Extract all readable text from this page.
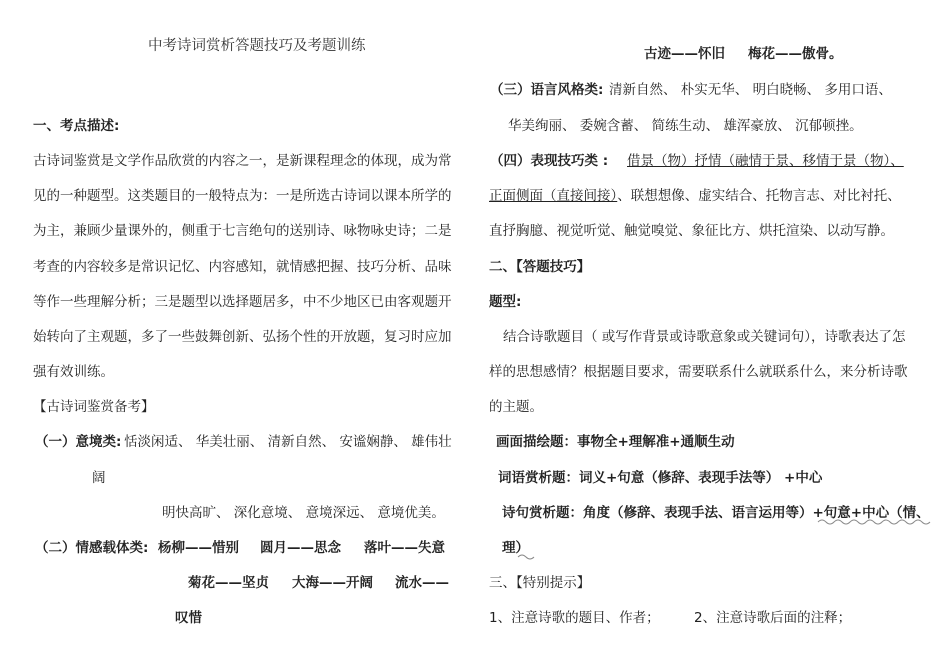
中考诗词赏析答题技巧及考题训练
一、考点描述:
古诗词鉴赏是文学作品欣赏的内容之一，是新课程理念的体现，成为常
见的一种题型。这类题目的一般特点为：一是所选古诗词以课本所学的
为主，兼顾少量课外的，侧重于七言绝句的送别诗、咏物咏史诗；二是
考查的内容较多是常识记忆、内容感知，就情感把握、技巧分析、品味
等作一些理解分析；三是题型以选择题居多，中不少地区已由客观题开
始转向了主观题，多了一些鼓舞创新、弘扬个性的开放题，复习时应加
强有效训练。
【古诗词鉴赏备考】
（一）意境类: 恬淡闲适、 华美壮丽、 清新自然、 安谧娴静、 雄伟壮
阔
明快高旷、 深化意境、 意境深远、 意境优美。
（二）情感载体类: 杨柳——惜别 圆月——思念 落叶——失意
菊花——坚贞 大海——开阔 流水——
叹惜
古迹——怀旧 梅花——傲骨。
（三）语言风格类: 清新自然、 朴实无华、 明白晓畅、 多用口语、
华美绚丽、 委婉含蓄、 简练生动、 雄浑豪放、 沉郁顿挫。
（四）表现技巧类 : 借景（物）抒情（融情于景、移情于景（物）、
正面侧面（直接间接）、联想想像、虚实结合、托物言志、对比衬托、
直抒胸臆、视觉听觉、触觉嗅觉、象征比方、烘托渲染、以动写静。
二、【答题技巧】
题型:
结合诗歌题目（ 或写作背景或诗歌意象或关键词句），诗歌表达了怎
样的思想感情？根据题目要求，需要联系什么就联系什么，来分析诗歌
的主题。
画面描绘题：事物全+理解准+通顺生动
词语赏析题：词义+句意（修辞、表现手法等） +中心
诗句赏析题：角度（修辞、表现手法、语言运用等）+句意+中心（情、
理）
三、【特别提示】
1、注意诗歌的题目、作者；	2、注意诗歌后面的注释；
